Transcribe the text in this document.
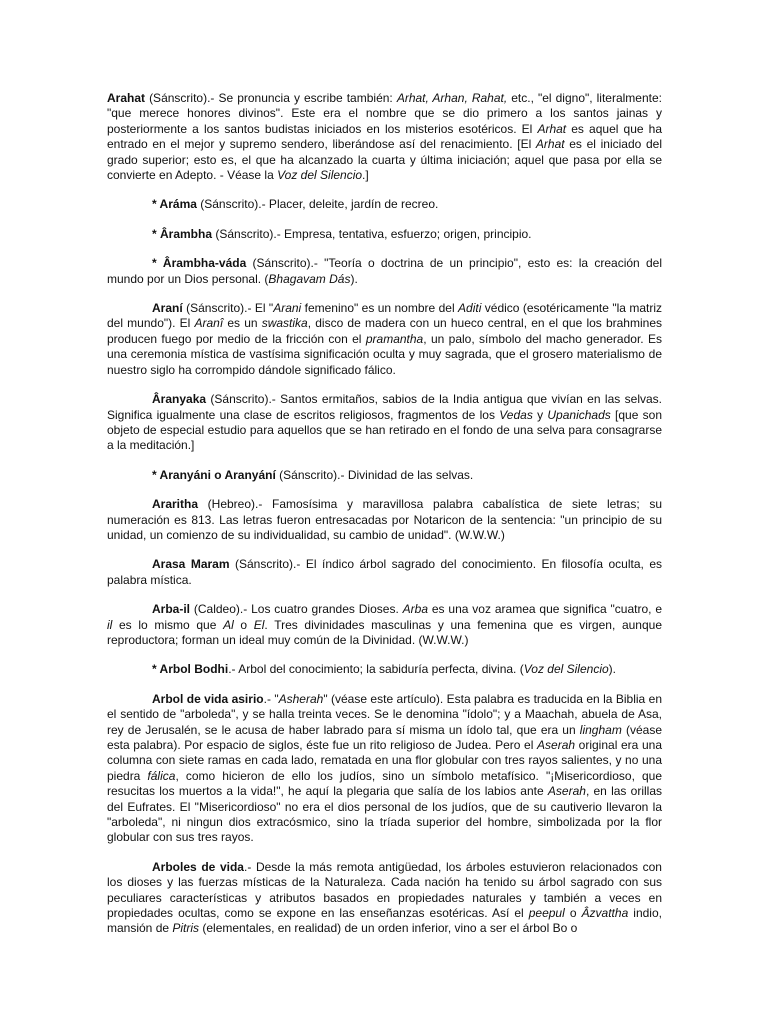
Arahat (Sánscrito).- Se pronuncia y escribe también: Arhat, Arhan, Rahat, etc., "el digno", literalmente: "que merece honores divinos". Este era el nombre que se dio primero a los santos jainas y posteriormente a los santos budistas iniciados en los misterios esotéricos. El Arhat es aquel que ha entrado en el mejor y supremo sendero, liberándose así del renacimiento. [El Arhat es el iniciado del grado superior; esto es, el que ha alcanzado la cuarta y última iniciación; aquel que pasa por ella se convierte en Adepto. - Véase la Voz del Silencio.]

* Aráma (Sánscrito).- Placer, deleite, jardín de recreo.

* Ârambha (Sánscrito).- Empresa, tentativa, esfuerzo; origen, principio.

* Ârambha-váda (Sánscrito).- "Teoría o doctrina de un principio", esto es: la creación del mundo por un Dios personal. (Bhagavam Dás).

Araní (Sánscrito).- El "Arani femenino" es un nombre del Aditi védico (esotéricamente "la matriz del mundo"). El Aranî es un swastika, disco de madera con un hueco central, en el que los brahmines producen fuego por medio de la fricción con el pramantha, un palo, símbolo del macho generador. Es una ceremonia mística de vastísima significación oculta y muy sagrada, que el grosero materialismo de nuestro siglo ha corrompido dándole significado fálico.

Âranyaka (Sánscrito).- Santos ermitaños, sabios de la India antigua que vivían en las selvas. Significa igualmente una clase de escritos religiosos, fragmentos de los Vedas y Upanichads [que son objeto de especial estudio para aquellos que se han retirado en el fondo de una selva para consagrarse a la meditación.]

* Aranyáni o Aranyání (Sánscrito).- Divinidad de las selvas.

Araritha (Hebreo).- Famosísima y maravillosa palabra cabalística de siete letras; su numeración es 813. Las letras fueron entresacadas por Notaricon de la sentencia: "un principio de su unidad, un comienzo de su individualidad, su cambio de unidad". (W.W.W.)

Arasa Maram (Sánscrito).- El índico árbol sagrado del conocimiento. En filosofía oculta, es palabra mística.

Arba-il (Caldeo).- Los cuatro grandes Dioses. Arba es una voz aramea que significa "cuatro, e il es lo mismo que Al o El. Tres divinidades masculinas y una femenina que es virgen, aunque reproductora; forman un ideal muy común de la Divinidad. (W.W.W.)

* Arbol Bodhi.- Arbol del conocimiento; la sabiduría perfecta, divina. (Voz del Silencio).

Arbol de vida asirio.- "Asherah" (véase este artículo). Esta palabra es traducida en la Biblia en el sentido de "arboleda", y se halla treinta veces. Se le denomina "ídolo"; y a Maachah, abuela de Asa, rey de Jerusalén, se le acusa de haber labrado para sí misma un ídolo tal, que era un lingham (véase esta palabra). Por espacio de siglos, éste fue un rito religioso de Judea. Pero el Aserah original era una columna con siete ramas en cada lado, rematada en una flor globular con tres rayos salientes, y no una piedra fálica, como hicieron de ello los judíos, sino un símbolo metafísico. "¡Misericordioso, que resucitas los muertos a la vida!", he aquí la plegaria que salía de los labios ante Aserah, en las orillas del Eufrates. El "Misericordioso" no era el dios personal de los judíos, que de su cautiverio llevaron la "arboleda", ni ningun dios extracósmico, sino la tríada superior del hombre, simbolizada por la flor globular con sus tres rayos.

Arboles de vida.- Desde la más remota antigüedad, los árboles estuvieron relacionados con los dioses y las fuerzas místicas de la Naturaleza. Cada nación ha tenido su árbol sagrado con sus peculiares características y atributos basados en propiedades naturales y también a veces en propiedades ocultas, como se expone en las enseñanzas esotéricas. Así el peepul o Âzvattha indio, mansión de Pitris (elementales, en realidad) de un orden inferior, vino a ser el árbol Bo o
